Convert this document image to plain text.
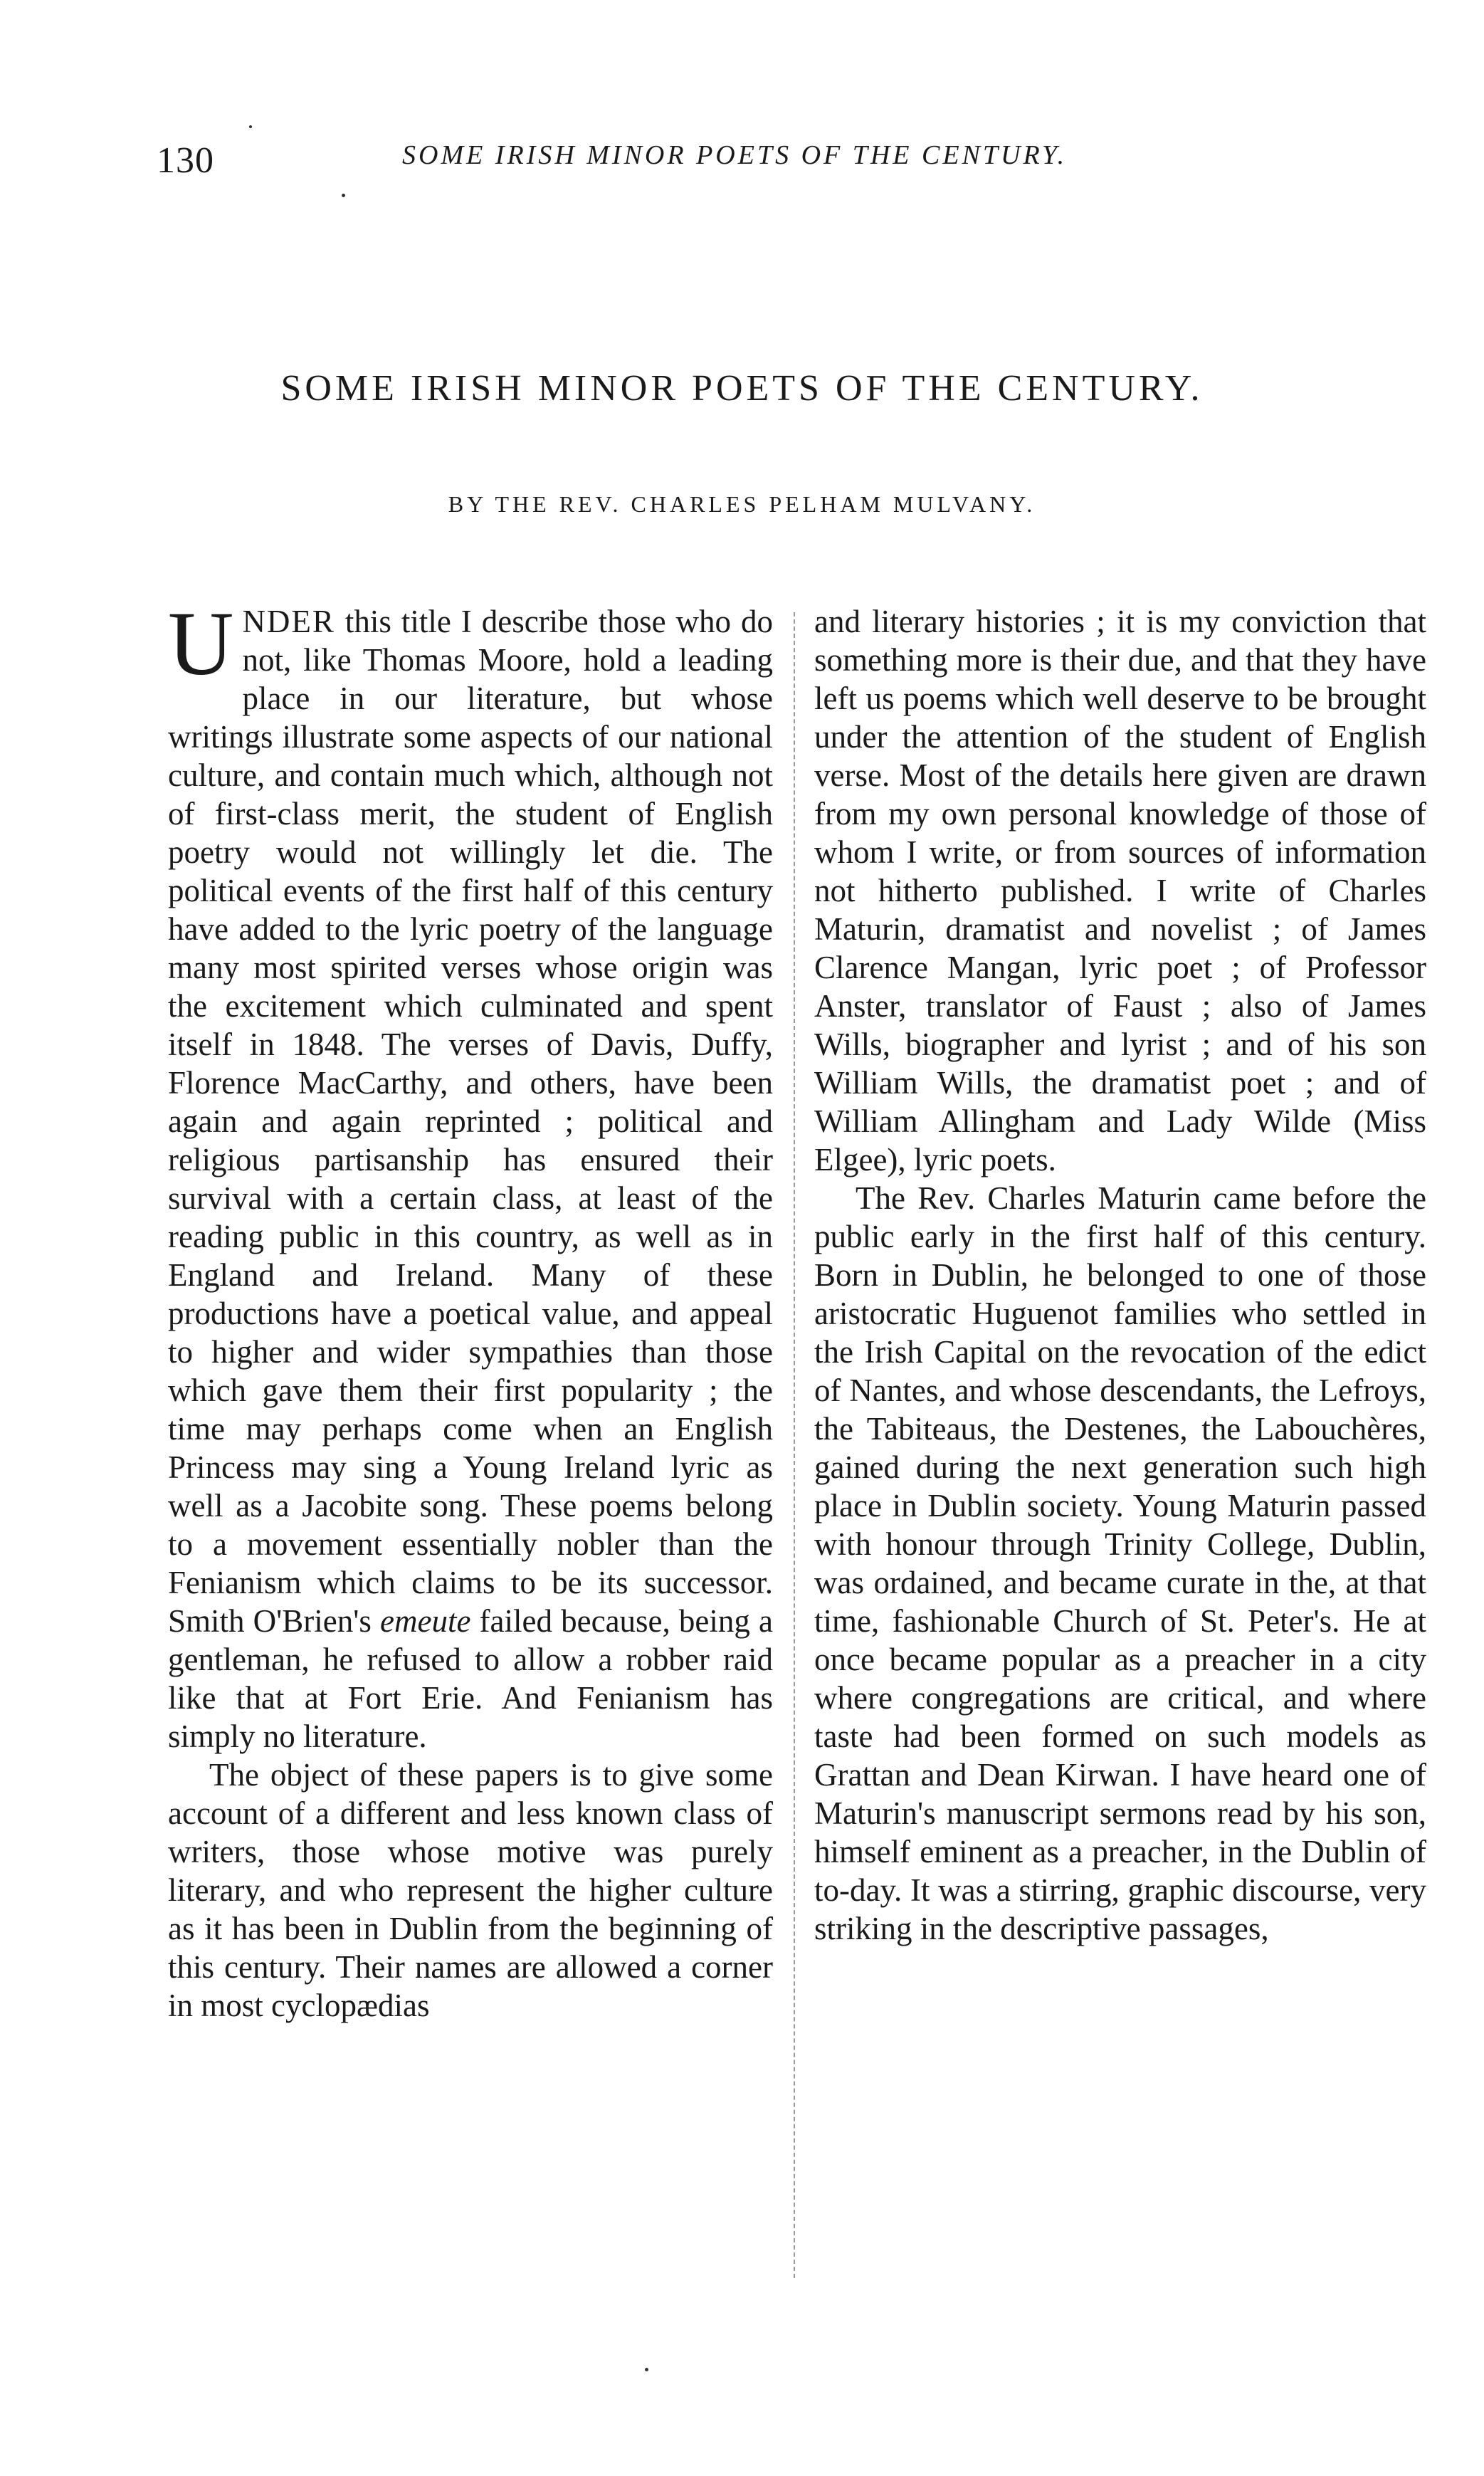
130	SOME IRISH MINOR POETS OF THE CENTURY.
SOME IRISH MINOR POETS OF THE CENTURY.
BY THE REV. CHARLES PELHAM MULVANY.

UNDER this title I describe those who do not, like Thomas Moore, hold a leading place in our literature, but whose writings illustrate some aspects of our national culture, and contain much which, although not of first-class merit, the student of English poetry would not willingly let die. The political events of the first half of this century have added to the lyric poetry of the language many most spirited verses whose origin was the excitement which culminated and spent itself in 1848. The verses of Davis, Duffy, Florence MacCarthy, and others, have been again and again reprinted ; political and religious partisanship has ensured their survival with a certain class, at least of the reading public in this country, as well as in England and Ireland. Many of these productions have a poetical value, and appeal to higher and wider sympathies than those which gave them their first popularity ; the time may perhaps come when an English Princess may sing a Young Ireland lyric as well as a Jacobite song. These poems belong to a movement essentially nobler than the Fenianism which claims to be its successor. Smith O'Brien's emeute failed because, being a gentleman, he refused to allow a robber raid like that at Fort Erie. And Fenianism has simply no literature.

The object of these papers is to give some account of a different and less known class of writers, those whose motive was purely literary, and who represent the higher culture as it has been in Dublin from the beginning of this century. Their names are allowed a corner in most cyclopædias

and literary histories ; it is my conviction that something more is their due, and that they have left us poems which well deserve to be brought under the attention of the student of English verse. Most of the details here given are drawn from my own personal knowledge of those of whom I write, or from sources of information not hitherto published. I write of Charles Maturin, dramatist and novelist ; of James Clarence Mangan, lyric poet ; of Professor Anster, translator of Faust ; also of James Wills, biographer and lyrist ; and of his son William Wills, the dramatist poet ; and of William Allingham and Lady Wilde (Miss Elgee), lyric poets.

The Rev. Charles Maturin came before the public early in the first half of this century. Born in Dublin, he belonged to one of those aristocratic Huguenot families who settled in the Irish Capital on the revocation of the edict of Nantes, and whose descendants, the Lefroys, the Tabiteaus, the Destenes, the Labouchères, gained during the next generation such high place in Dublin society. Young Maturin passed with honour through Trinity College, Dublin, was ordained, and became curate in the, at that time, fashionable Church of St. Peter's. He at once became popular as a preacher in a city where congregations are critical, and where taste had been formed on such models as Grattan and Dean Kirwan. I have heard one of Maturin's manuscript sermons read by his son, himself eminent as a preacher, in the Dublin of to-day. It was a stirring, graphic discourse, very striking in the descriptive passages,
